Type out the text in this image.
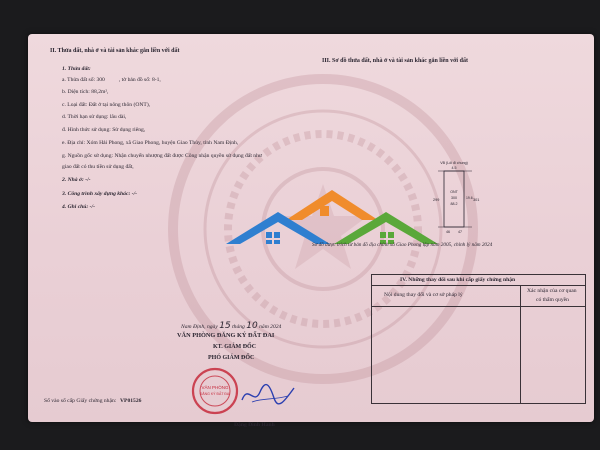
II. Thửa đất, nhà ở và tài sản khác gắn liền với đất
1. Thửa đất:
a. Thửa đất số: 300	, tờ bản đồ số: 8-1,
b. Diện tích: 88,2m²,
c. Loại đất: Đất ở tại nông thôn (ONT),
d. Thời hạn sử dụng: lâu dài,
đ. Hình thức sử dụng: Sử dụng riêng,
e. Địa chỉ: Xóm Hải Phong, xã Giao Phong, huyện Giao Thủy, tỉnh Nam Định,
g. Nguồn gốc sử dụng: Nhận chuyển nhượng đất được Công nhận quyền sử dụng đất như
giao đất có thu tiền sử dụng đất,
2. Nhà ở: -/-
3. Công trình xây dựng khác: -/-
4. Ghi chú: -/-
Nam Định, ngày 15 tháng 10 năm 2024
VĂN PHÒNG ĐĂNG KÝ ĐẤT ĐAI
KT. GIÁM ĐỐC
PHÓ GIÁM ĐỐC
VĂN PHÒNG
ĐĂNG KÝ ĐẤT ĐAI
Đặng Đình Hanh
Số vào sổ cấp Giấy chứng nhận: VP01526
III. Sơ đồ thửa đất, nhà ở và tài sản khác gắn liền với đất
VB (Lối đi chung)
4.5
299	301
ONT
300
88.2
19.6
46 47
Sơ đồ được trích từ bản đồ địa chính xã Giao Phong lập năm 2005, chỉnh lý năm 2024
IV. Những thay đổi sau khi cấp giấy chứng nhận
Nội dung thay đổi và cơ sở pháp lý
Xác nhận của cơ quan
có thẩm quyền
